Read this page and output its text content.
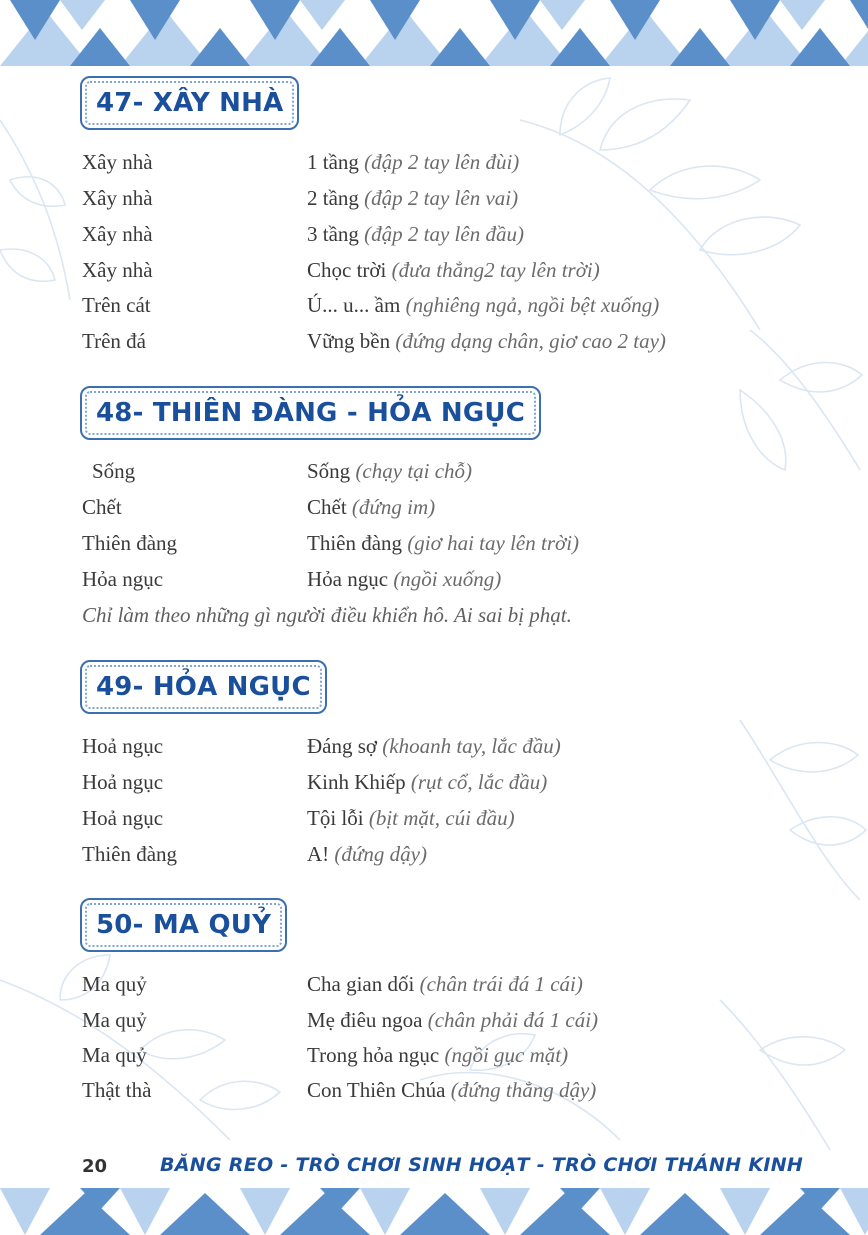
47- XÂY NHÀ
Xây nhà	1 tầng (đập 2 tay lên đùi)
Xây nhà	2 tầng (đập 2 tay lên vai)
Xây nhà	3 tầng (đập 2 tay lên đầu)
Xây nhà	Chọc trời (đưa thẳng2 tay lên trời)
Trên cát	Ú... u... ầm (nghiêng ngả, ngồi bệt xuống)
Trên đá	Vững bền (đứng dạng chân, giơ cao 2 tay)
48- THIÊN ĐÀNG - HỎA NGỤC
Sống	Sống (chạy tại chỗ)
Chết	Chết (đứng im)
Thiên đàng	Thiên đàng (giơ hai tay lên trời)
Hỏa ngục	Hỏa ngục (ngồi xuống)
Chỉ làm theo những gì người điều khiển hô. Ai sai bị phạt.
49- HỎA NGỤC
Hoả ngục	Đáng sợ (khoanh tay, lắc đầu)
Hoả ngục	Kinh Khiếp (rụt cổ, lắc đầu)
Hoả ngục	Tội lỗi (bịt mặt, cúi đầu)
Thiên đàng	A! (đứng dậy)
50- MA QUỶ
Ma quỷ	Cha gian dối (chân trái đá 1 cái)
Ma quỷ	Mẹ điêu ngoa (chân phải đá 1 cái)
Ma quỷ	Trong hỏa ngục (ngồi gục mặt)
Thật thà	Con Thiên Chúa (đứng thẳng dậy)
20	BĂNG REO - TRÒ CHƠI SINH HOẠT - TRÒ CHƠI THÁNH KINH
